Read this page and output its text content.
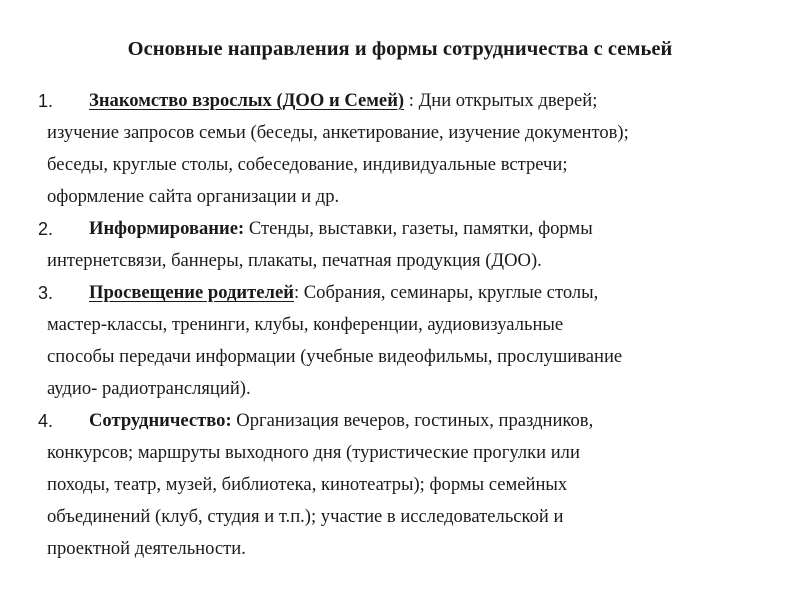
Основные направления и формы сотрудничества с семьей
1. Знакомство взрослых (ДОО и Семей) : Дни открытых дверей;
изучение запросов семьи (беседы, анкетирование, изучение документов);
беседы, круглые столы, собеседование, индивидуальные встречи;
оформление сайта организации и др.
2. Информирование: Стенды, выставки, газеты, памятки, формы
интернетсвязи, баннеры, плакаты, печатная продукция (ДОО).
3. Просвещение родителей: Собрания, семинары, круглые столы,
мастер-классы, тренинги, клубы, конференции, аудиовизуальные
способы передачи информации (учебные видеофильмы, прослушивание
аудио- радиотрансляций).
4. Сотрудничество: Организация вечеров, гостиных, праздников,
конкурсов; маршруты выходного дня (туристические прогулки или
походы, театр, музей, библиотека, кинотеатры); формы семейных
объединений (клуб, студия и т.п.); участие в исследовательской и
проектной деятельности.
